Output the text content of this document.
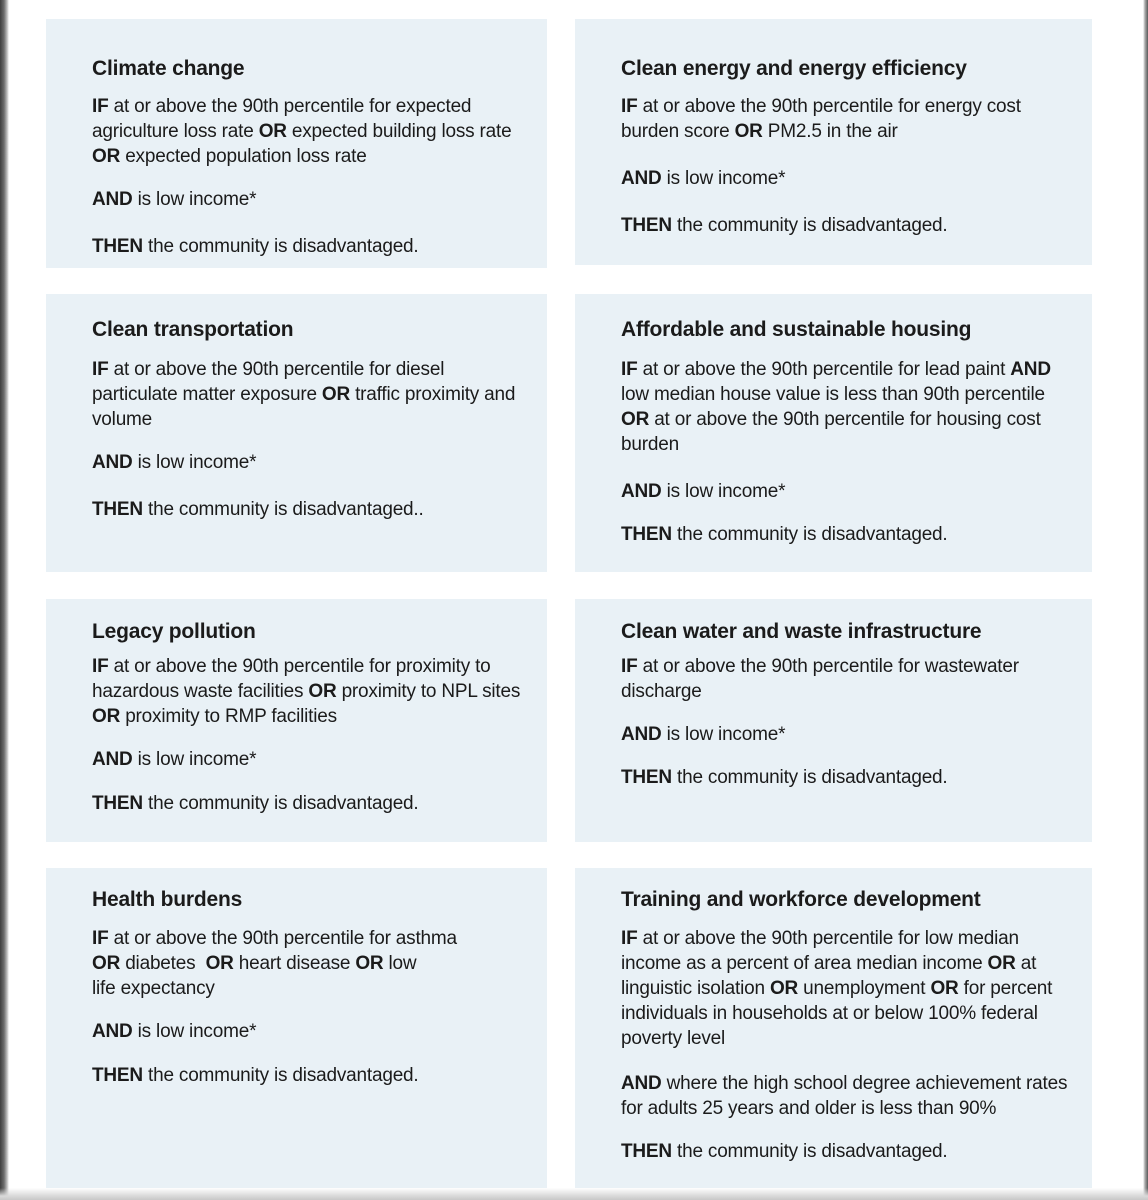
Climate change

IF at or above the 90th percentile for expected agriculture loss rate OR expected building loss rate OR expected population loss rate

AND is low income*

THEN the community is disadvantaged.

Clean energy and energy efficiency

IF at or above the 90th percentile for energy cost burden score OR PM2.5 in the air

AND is low income*

THEN the community is disadvantaged.

Clean transportation

IF at or above the 90th percentile for diesel particulate matter exposure OR traffic proximity and volume

AND is low income*

THEN the community is disadvantaged..

Affordable and sustainable housing

IF at or above the 90th percentile for lead paint AND low median house value is less than 90th percentile OR at or above the 90th percentile for housing cost burden

AND is low income*

THEN the community is disadvantaged.

Legacy pollution

IF at or above the 90th percentile for proximity to hazardous waste facilities OR proximity to NPL sites OR proximity to RMP facilities

AND is low income*

THEN the community is disadvantaged.

Clean water and waste infrastructure

IF at or above the 90th percentile for wastewater discharge

AND is low income*

THEN the community is disadvantaged.

Health burdens

IF at or above the 90th percentile for asthma
OR diabetes  OR heart disease OR low
life expectancy

AND is low income*

THEN the community is disadvantaged.

Training and workforce development

IF at or above the 90th percentile for low median income as a percent of area median income OR at linguistic isolation OR unemployment OR for percent individuals in households at or below 100% federal poverty level

AND where the high school degree achievement rates for adults 25 years and older is less than 90%

THEN the community is disadvantaged.
